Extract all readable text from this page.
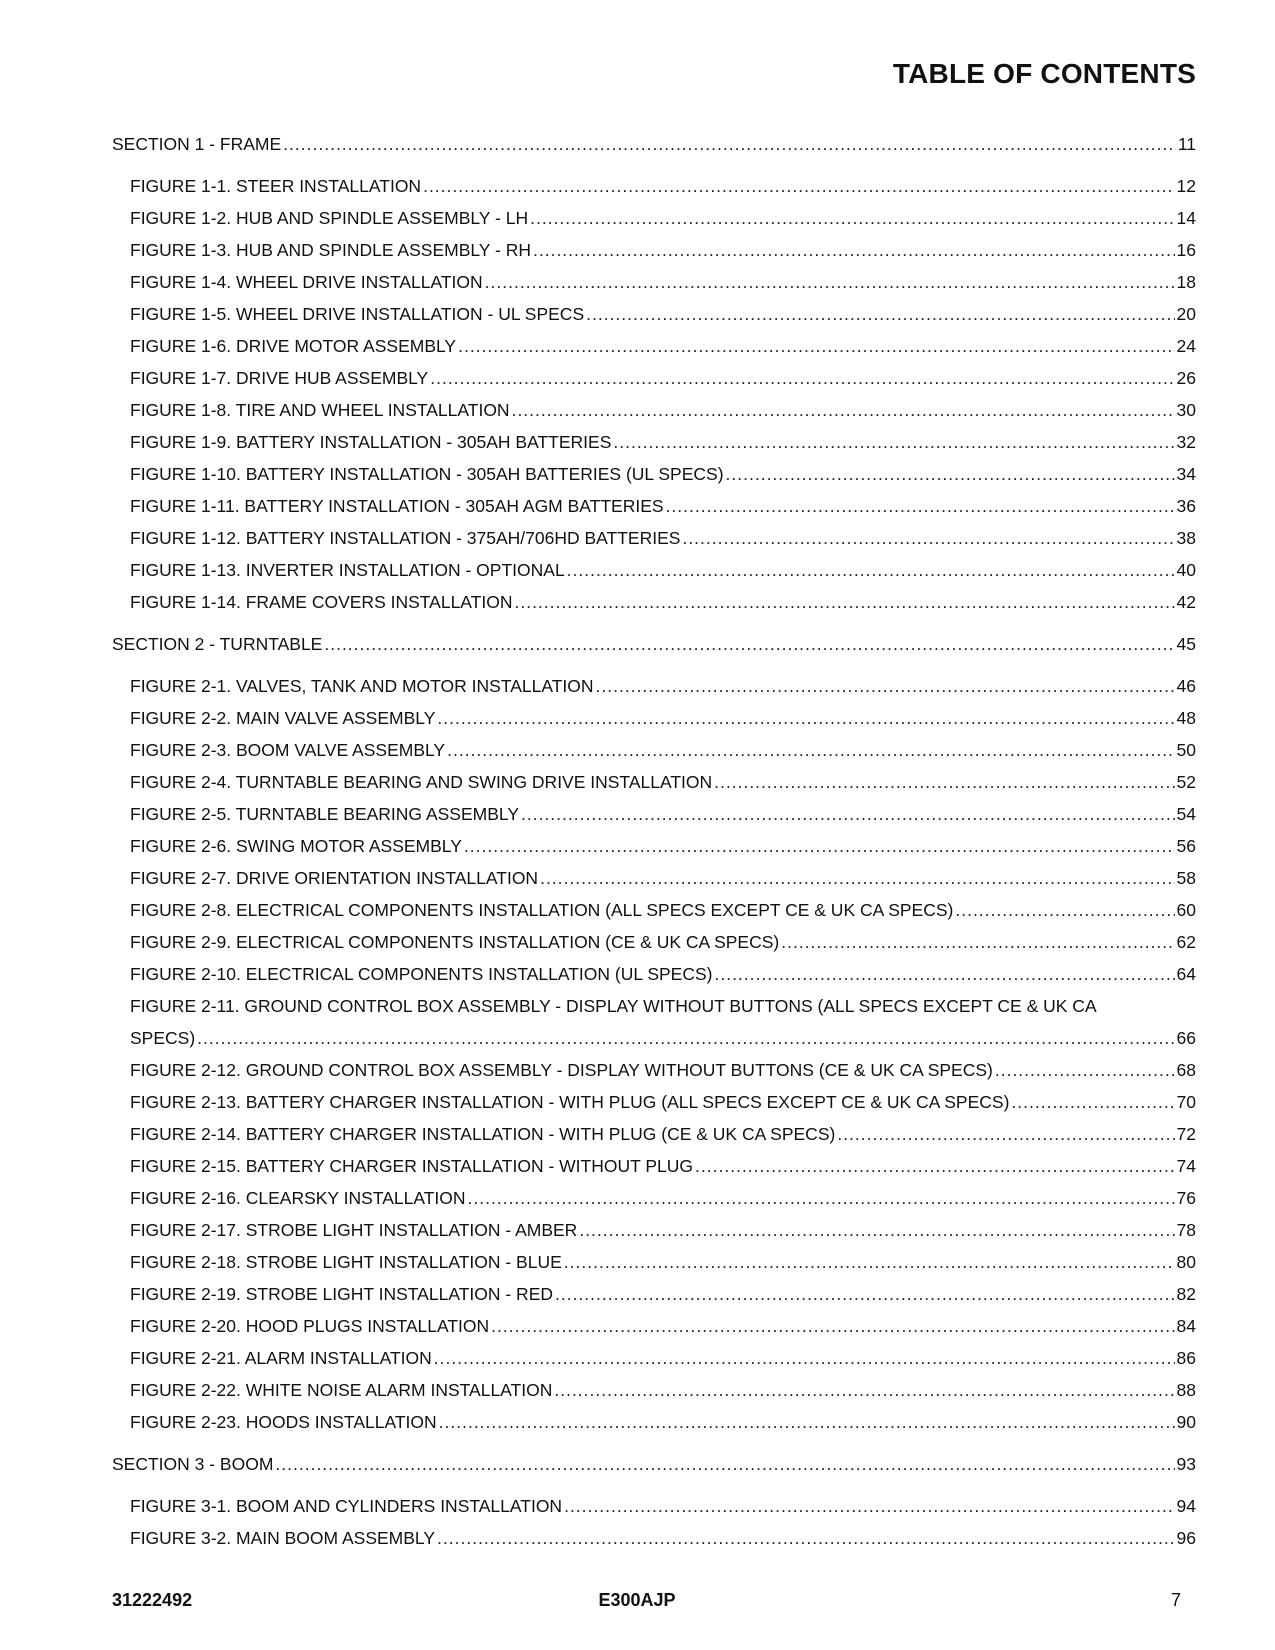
TABLE OF CONTENTS
SECTION 1 - FRAME .....	11
FIGURE 1-1. STEER INSTALLATION .....	12
FIGURE 1-2. HUB AND SPINDLE ASSEMBLY - LH .....	14
FIGURE 1-3. HUB AND SPINDLE ASSEMBLY - RH .....	16
FIGURE 1-4. WHEEL DRIVE INSTALLATION .....	18
FIGURE 1-5. WHEEL DRIVE INSTALLATION - UL SPECS .....	20
FIGURE 1-6. DRIVE MOTOR ASSEMBLY .....	24
FIGURE 1-7. DRIVE HUB ASSEMBLY .....	26
FIGURE 1-8. TIRE AND WHEEL INSTALLATION .....	30
FIGURE 1-9. BATTERY INSTALLATION - 305AH BATTERIES .....	32
FIGURE 1-10. BATTERY INSTALLATION - 305AH BATTERIES (UL SPECS) .....	34
FIGURE 1-11. BATTERY INSTALLATION - 305AH AGM BATTERIES .....	36
FIGURE 1-12. BATTERY INSTALLATION - 375AH/706HD BATTERIES .....	38
FIGURE 1-13. INVERTER INSTALLATION - OPTIONAL .....	40
FIGURE 1-14. FRAME COVERS INSTALLATION .....	42
SECTION 2 - TURNTABLE .....	45
FIGURE 2-1. VALVES, TANK AND MOTOR INSTALLATION .....	46
FIGURE 2-2. MAIN VALVE ASSEMBLY .....	48
FIGURE 2-3. BOOM VALVE ASSEMBLY .....	50
FIGURE 2-4. TURNTABLE BEARING AND SWING DRIVE INSTALLATION .....	52
FIGURE 2-5. TURNTABLE BEARING ASSEMBLY .....	54
FIGURE 2-6. SWING MOTOR ASSEMBLY .....	56
FIGURE 2-7. DRIVE ORIENTATION INSTALLATION .....	58
FIGURE 2-8. ELECTRICAL COMPONENTS INSTALLATION (ALL SPECS EXCEPT CE & UK CA SPECS) .....	60
FIGURE 2-9. ELECTRICAL COMPONENTS INSTALLATION (CE & UK CA SPECS) .....	62
FIGURE 2-10. ELECTRICAL COMPONENTS INSTALLATION (UL SPECS) .....	64
FIGURE 2-11. GROUND CONTROL BOX ASSEMBLY - DISPLAY WITHOUT BUTTONS (ALL SPECS EXCEPT CE & UK CA
SPECS) .....	66
FIGURE 2-12. GROUND CONTROL BOX ASSEMBLY - DISPLAY WITHOUT BUTTONS (CE & UK CA SPECS) .....	68
FIGURE 2-13. BATTERY CHARGER INSTALLATION - WITH PLUG (ALL SPECS EXCEPT CE & UK CA SPECS) .....	70
FIGURE 2-14. BATTERY CHARGER INSTALLATION - WITH PLUG (CE & UK CA SPECS) .....	72
FIGURE 2-15. BATTERY CHARGER INSTALLATION - WITHOUT PLUG .....	74
FIGURE 2-16. CLEARSKY INSTALLATION .....	76
FIGURE 2-17. STROBE LIGHT INSTALLATION - AMBER .....	78
FIGURE 2-18. STROBE LIGHT INSTALLATION - BLUE .....	80
FIGURE 2-19. STROBE LIGHT INSTALLATION - RED .....	82
FIGURE 2-20. HOOD PLUGS INSTALLATION .....	84
FIGURE 2-21. ALARM INSTALLATION .....	86
FIGURE 2-22. WHITE NOISE ALARM INSTALLATION .....	88
FIGURE 2-23. HOODS INSTALLATION .....	90
SECTION 3 - BOOM .....	93
FIGURE 3-1. BOOM AND CYLINDERS INSTALLATION .....	94
FIGURE 3-2. MAIN BOOM ASSEMBLY .....	96
31222492	E300AJP	7
